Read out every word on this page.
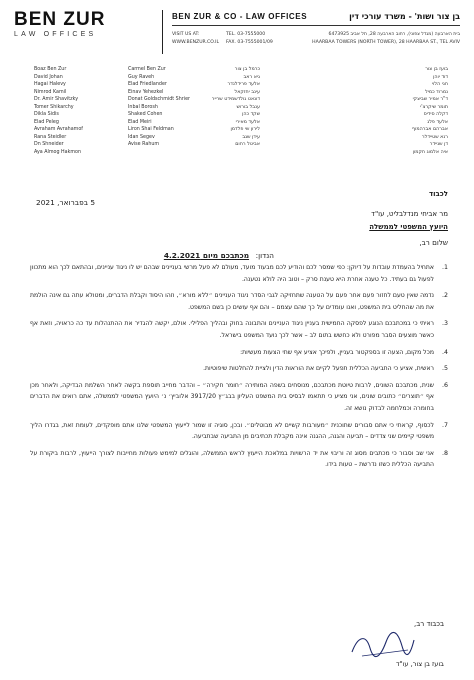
BEN ZUR
LAW OFFICES
BEN ZUR & CO - LAW OFFICES	בן צור ושות' - משרד עורכי דין
VISIT US AT:
WWW.BENZUR.CO.IL
TEL. 03-7555000
FAX. 03-7555001/09
בית הארבעה (מגדל צפוני), רחוב הארבעה 28, תל אביב 6473925
HAARBAA TOWERS (NORTH TOWER), 28 HAARBAA ST., TEL AVIV
Boaz Ben Zur
David Johan
Hagai Halevy
Nimrod Kamil
Dr. Amir Shavitzky
Tomer Shikarchy
Dikla Sidis
Elad Peleg
Avraham Avrahamof
Rana Steidler
Dn Shneider
Aya Almog Hakmon
Carmel Ben Zur
Guy Raveh
Elad Friedlander
Einav Yehezkel
Donat Goldschmidt Shrier
Inbal Borosh
Shaked Cohen
Elad Meiri
Liron Shai Feldman
Idan Segev
Avise Rahum
כרמל בן צור
גיא ראב
אלעד פרידלנדר
עינב יחזקאל
דונאט גולדשמידט שרייר
ענבל בורוש
שקד כהן
אלעד מאירי
לירון שי פלדמן
עידן שגב
אביטל רחום
בועז בן צור
דוד יוהן
חגי הלוי
נמרוד כמיל
ד"ר אמיר שביצקי
תומר שיקרצ'י
דקלה סידיס
אלעד פלג
אברהם אברהמוף
רנא שטיידלר
דן שניידר
איה אלמוג חקמון
לכבוד
5 בפברואר, 2021
מר אביחי מנדלבליט, עו"ד
היועץ המשפטי לממשלה
שלום רב,
הנדון: מכתבכם מיום 4.2.2021
1.
אתחיל בהעמדת עובדות על דיוקן: כפי שמסר לכם והודיע לכם מבעוד מועד, מעולם לא פעל מרשי בעניינים שבהם יש לו ניגוד עניינים, ובהתאם לכך הוא מתכוון לפעול גם בעתיד. כל טענה אחרת היא טענת סרק – וטוב היה לולא נטענה.
2.
נדמה שאין טעם לחזור פעם אחר פעם על הטענה שתחזיקה לגבי הסדר ניגוד העניינים ״ללא מורא״, וזהו היסוד וקבלת הדברים, ומטולא עתה גם אינה הולמת את מה שהחליט בית המשפט, ואנו עומדים על כך שהם עצמם – והם אף עושים כן בשם המשפט.
3.
ראיתי כי במכתבכם הנוגע לפסקה החמישית בעניין ניגוד העניינים והתבונה בחוק ובהליך הפלילי. אולם, יקשה להגדיר את ההתנהלות עד כה כראויה, וזאת אף כאשר מוצעים הסבר מפורט ולא כחשש בתום לב – אשר לכך נועד המשפט בישראל.
4.
מכל מקום, הצעה זו בספקטור בעניין, ולפיכך אציע אף שתי הצעות מעשיות:
5.
ראשית, אציע כי התביעה הכללית תפעל לקיים את הוראות הדין ולציית להחלטות שיפוטיות.
6.
שנית, מכתבכם השונים, לרבות טיוטת מכתבכם, מנוסחים בשפה המותירה ״חומר חקירה״ – והדבר מחייב תוספת בקשה לאחר השלמת הבדיקה, ולאחר מכן אף ״תוצרים״ כתובים שונים, אני מציע כי תתאמו לבסיס בית המשפט העליון בבג״ץ 3917/20 אלוביץ׳ נ׳ היועץ המשפטי לממשלה, אתם רואים את הדברים בחומרה וכמלחמה לבדוק נושא זה.
7.
לכסוף, קראתי כי אתם סבורים שתוכנית ״מעורבות קשיים לא מבוטלים״. ובכן, סוגיה זו שמור לייעוץ המשפטי שלנו אתם מופקדים, לעומת זאת, בגדרו הליך משפטי קיימים שני צדדים – תביעה והגנה, ההגנה אינה מקבלת תכתיבים מן התביעה שבתביעה.
8.
אני שב וסבור כי מכתבים מסוג זה וריבוי את יד הרשויות במלאכת הייעוץ לראש הממשלה, והוגלים למימש פעולות מחייבות לצורך הייעוץ, לרבות ביקורת על התביעה הכללית כשזו נדרשת – טעות בידו.
בכבוד רב,
בועז בן צור, עו"ד
